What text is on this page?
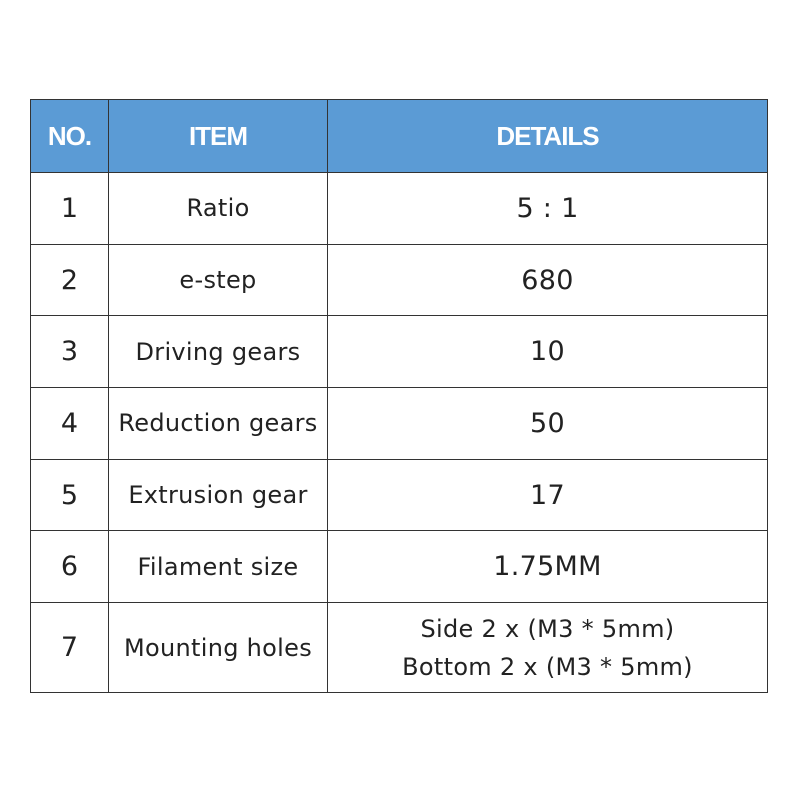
NO.	ITEM	DETAILS
1	Ratio	5 : 1
2	e-step	680
3	Driving gears	10
4	Reduction gears	50
5	Extrusion gear	17
6	Filament size	1.75MM
7	Mounting holes	Side 2 x (M3 * 5mm)
Bottom 2 x (M3 * 5mm)
